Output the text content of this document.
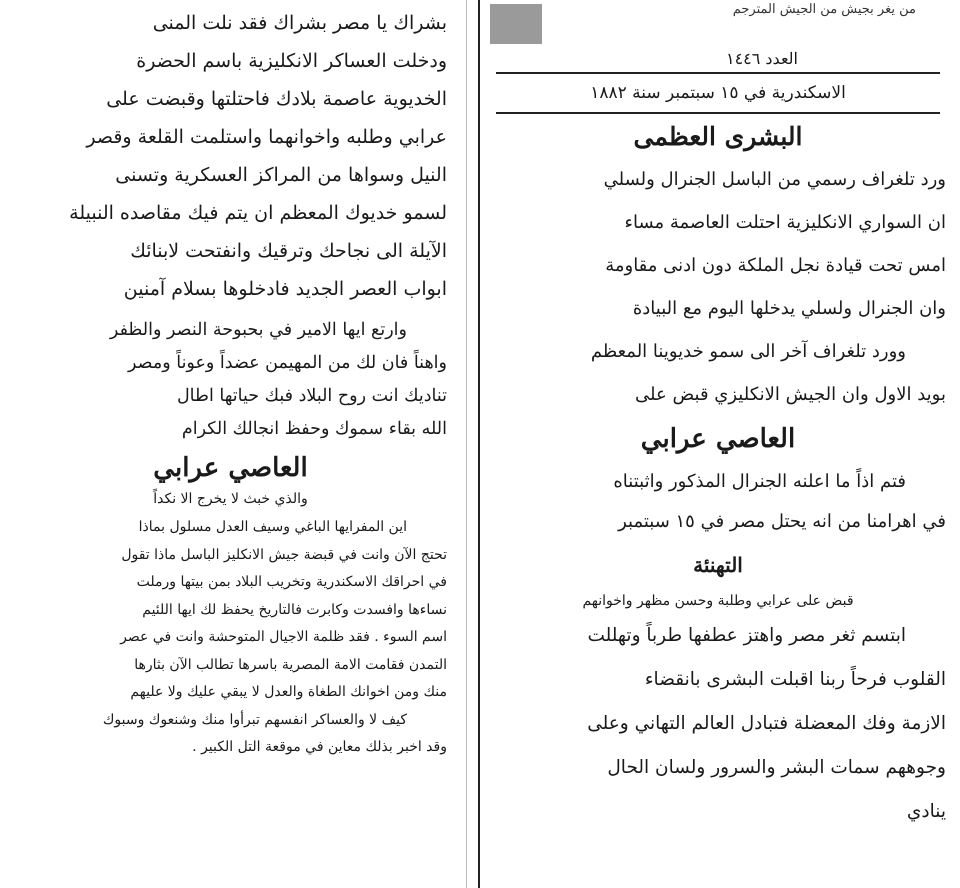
بشراك يا مصر بشراك فقد نلت المنى
ودخلت العساكر الانكليزية باسم الحضرة
الخديوية عاصمة بلادك فاحتلتها وقبضت على
عرابي وطلبه واخوانهما واستلمت القلعة وقصر
النيل وسواها من المراكز العسكرية وتسنى
لسمو خديوك المعظم ان يتم فيك مقاصده النبيلة
الآيلة الى نجاحك وترقيك وانفتحت لابنائك
ابواب العصر الجديد فادخلوها بسلام آمنين
وارتع ايها الامير في بحبوحة النصر والظفر
واهناً فان لك من المهيمن عضداً وعوناً ومصر
تناديك انت روح البلاد فبك حياتها اطال
الله بقاء سموك وحفظ انجالك الكرام
العاصي عرابي
والذي خبث لا يخرج الا نكداً
اين المفرايها الباغي وسيف العدل مسلول بماذا
تحتج الآن وانت في قبضة جيش الانكليز الباسل ماذا تقول
في احراقك الاسكندرية وتخريب البلاد بمن بيتها ورملت
نساءها وافسدت وكابرت فالتاريخ يحفظ لك ايها اللئيم
اسم السوء . فقد ظلمة الاجيال المتوحشة وانت في عصر
التمدن فقامت الامة المصرية باسرها تطالب الآن بثارها
منك ومن اخوانك الطغاة والعدل لا يبقي عليك ولا عليهم
كيف لا والعساكر انفسهم تبرأوا منك وشنعوك وسبوك
وقد اخبر بذلك معاين في موقعة التل الكبير .
من يغر بجيش من الجيش المترجم
العدد ١٤٤٦
الاسكندرية في ١٥ سبتمبر سنة ١٨٨٢
البشرى العظمى
ورد تلغراف رسمي من الباسل الجنرال ولسلي
ان السواري الانكليزية احتلت العاصمة مساء
امس تحت قيادة نجل الملكة دون ادنى مقاومة
وان الجنرال ولسلي يدخلها اليوم مع البيادة
وورد تلغراف آخر الى سمو خديوينا المعظم
بويد الاول وان الجيش الانكليزي قبض على
العاصي عرابي
فتم اذاً ما اعلنه الجنرال المذكور واثبتناه
في اهرامنا من انه يحتل مصر في ١٥ سبتمبر
التهنئة
قبض على عرابي وطلبة وحسن مظهر واخوانهم
ابتسم ثغر مصر واهتز عطفها طرباً وتهللت
القلوب فرحاً ربنا اقبلت البشرى بانقضاء
الازمة وفك المعضلة فتبادل العالم التهاني وعلى
وجوههم سمات البشر والسرور ولسان الحال
ينادي
